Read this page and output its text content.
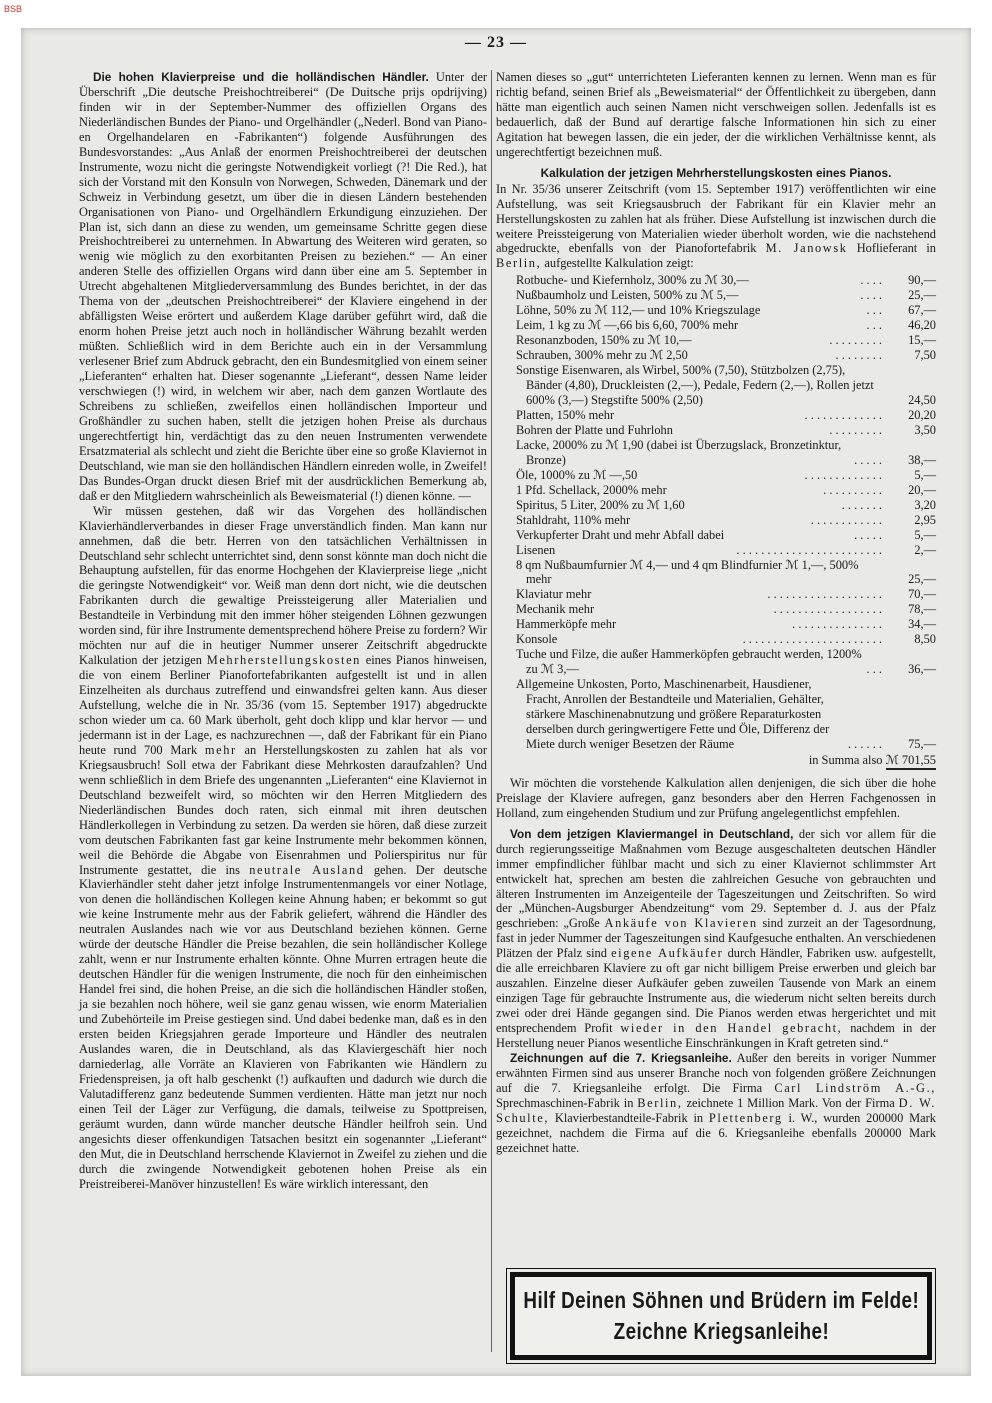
BSB
— 23 —

Die hohen Klavierpreise und die holländischen Händler. Unter der Überschrift „Die deutsche Preishochtreiberei“ (De Duitsche prijs opdrijving) finden wir in der September-Nummer des offiziellen Organs des Niederländischen Bundes der Piano- und Orgelhändler („Nederl. Bond van Piano- en Orgelhandelaren en -Fabrikanten“) folgende Ausführungen des Bundesvorstandes: „Aus Anlaß der enormen Preishochtreiberei der deutschen Instrumente, wozu nicht die geringste Notwendigkeit vorliegt (?! Die Red.), hat sich der Vorstand mit den Konsuln von Norwegen, Schweden, Dänemark und der Schweiz in Verbindung gesetzt, um über die in diesen Ländern bestehenden Organisationen von Piano- und Orgelhändlern Erkundigung einzuziehen. Der Plan ist, sich dann an diese zu wenden, um gemeinsame Schritte gegen diese Preishochtreiberei zu unternehmen. In Abwartung des Weiteren wird geraten, so wenig wie möglich zu den exorbitanten Preisen zu beziehen.“ — An einer anderen Stelle des offiziellen Organs wird dann über eine am 5. September in Utrecht abgehaltenen Mitgliederversammlung des Bundes berichtet, in der das Thema von der „deutschen Preishochtreiberei“ der Klaviere eingehend in der abfälligsten Weise erörtert und außerdem Klage darüber geführt wird, daß die enorm hohen Preise jetzt auch noch in holländischer Währung bezahlt werden müßten. Schließlich wird in dem Berichte auch ein in der Versammlung verlesener Brief zum Abdruck gebracht, den ein Bundesmitglied von einem seiner „Lieferanten“ erhalten hat. Dieser sogenannte „Lieferant“, dessen Name leider verschwiegen (!) wird, in welchem wir aber, nach dem ganzen Wortlaute des Schreibens zu schließen, zweifellos einen holländischen Importeur und Großhändler zu suchen haben, stellt die jetzigen hohen Preise als durchaus ungerechtfertigt hin, verdächtigt das zu den neuen Instrumenten verwendete Ersatzmaterial als schlecht und zieht die Berichte über eine so große Klaviernot in Deutschland, wie man sie den holländischen Händlern einreden wolle, in Zweifel! Das Bundes-Organ druckt diesen Brief mit der ausdrücklichen Bemerkung ab, daß er den Mitgliedern wahrscheinlich als Beweismaterial (!) dienen könne. —

Wir müssen gestehen, daß wir das Vorgehen des holländischen Klavierhändlerverbandes in dieser Frage unverständlich finden. Man kann nur annehmen, daß die betr. Herren von den tatsächlichen Verhältnissen in Deutschland sehr schlecht unterrichtet sind, denn sonst könnte man doch nicht die Behauptung aufstellen, für das enorme Hochgehen der Klavierpreise liege „nicht die geringste Notwendigkeit“ vor. Weiß man denn dort nicht, wie die deutschen Fabrikanten durch die gewaltige Preissteigerung aller Materialien und Bestandteile in Verbindung mit den immer höher steigenden Löhnen gezwungen worden sind, für ihre Instrumente dementsprechend höhere Preise zu fordern? Wir möchten nur auf die in heutiger Nummer unserer Zeitschrift abgedruckte Kalkulation der jetzigen Mehrherstellungskosten eines Pianos hinweisen, die von einem Berliner Pianofortefabrikanten aufgestellt ist und in allen Einzelheiten als durchaus zutreffend und einwandsfrei gelten kann. Aus dieser Aufstellung, welche die in Nr. 35/36 (vom 15. September 1917) abgedruckte schon wieder um ca. 60 Mark überholt, geht doch klipp und klar hervor — und jedermann ist in der Lage, es nachzurechnen —, daß der Fabrikant für ein Piano heute rund 700 Mark mehr an Herstellungskosten zu zahlen hat als vor Kriegsausbruch! Soll etwa der Fabrikant diese Mehrkosten daraufzahlen? Und wenn schließlich in dem Briefe des ungenannten „Lieferanten“ eine Klaviernot in Deutschland bezweifelt wird, so möchten wir den Herren Mitgliedern des Niederländischen Bundes doch raten, sich einmal mit ihren deutschen Händlerkollegen in Verbindung zu setzen. Da werden sie hören, daß diese zurzeit vom deutschen Fabrikanten fast gar keine Instrumente mehr bekommen können, weil die Behörde die Abgabe von Eisenrahmen und Polierspiritus nur für Instrumente gestattet, die ins neutrale Ausland gehen. Der deutsche Klavierhändler steht daher jetzt infolge Instrumentenmangels vor einer Notlage, von denen die holländischen Kollegen keine Ahnung haben; er bekommt so gut wie keine Instrumente mehr aus der Fabrik geliefert, während die Händler des neutralen Auslandes nach wie vor aus Deutschland beziehen können. Gerne würde der deutsche Händler die Preise bezahlen, die sein holländischer Kollege zahlt, wenn er nur Instrumente erhalten könnte. Ohne Murren ertragen heute die deutschen Händler für die wenigen Instrumente, die noch für den einheimischen Handel frei sind, die hohen Preise, an die sich die holländischen Händler stoßen, ja sie bezahlen noch höhere, weil sie ganz genau wissen, wie enorm Materialien und Zubehörteile im Preise gestiegen sind. Und dabei bedenke man, daß es in den ersten beiden Kriegsjahren gerade Importeure und Händler des neutralen Auslandes waren, die in Deutschland, als das Klaviergeschäft hier noch darniederlag, alle Vorräte an Klavieren von Fabrikanten wie Händlern zu Friedenspreisen, ja oft halb geschenkt (!) aufkauften und dadurch wie durch die Valutadifferenz ganz bedeutende Summen verdienten. Hätte man jetzt nur noch einen Teil der Läger zur Verfügung, die damals, teilweise zu Spottpreisen, geräumt wurden, dann würde mancher deutsche Händler heilfroh sein. Und angesichts dieser offenkundigen Tatsachen besitzt ein sogenannter „Lieferant“ den Mut, die in Deutschland herrschende Klaviernot in Zweifel zu ziehen und die durch die zwingende Notwendigkeit gebotenen hohen Preise als ein Preistreiberei-Manöver hinzustellen! Es wäre wirklich interessant, den

Namen dieses so „gut“ unterrichteten Lieferanten kennen zu lernen. Wenn man es für richtig befand, seinen Brief als „Beweismaterial“ der Öffentlichkeit zu übergeben, dann hätte man eigentlich auch seinen Namen nicht verschweigen sollen. Jedenfalls ist es bedauerlich, daß der Bund auf derartige falsche Informationen hin sich zu einer Agitation hat bewegen lassen, die ein jeder, der die wirklichen Verhältnisse kennt, als ungerechtfertigt bezeichnen muß.

Kalkulation der jetzigen Mehrherstellungskosten eines Pianos.

In Nr. 35/36 unserer Zeitschrift (vom 15. September 1917) veröffentlichten wir eine Aufstellung, was seit Kriegsausbruch der Fabrikant für ein Klavier mehr an Herstellungskosten zu zahlen hat als früher. Diese Aufstellung ist inzwischen durch die weitere Preissteigerung von Materialien wieder überholt worden, wie die nachstehend abgedruckte, ebenfalls von der Pianofortefabrik M. Janowsk Hoflieferant in Berlin, aufgestellte Kalkulation zeigt:

Rotbuche- und Kiefernholz, 300% zu ℳ 30,—	. . . .	90,—
Nußbaumholz und Leisten, 500% zu ℳ 5,—	. . . .	25,—
Löhne, 50% zu ℳ 112,— und 10% Kriegszulage	. . .	67,—
Leim, 1 kg zu ℳ —,66 bis 6,60, 700% mehr	. . .	46,20
Resonanzboden, 150% zu ℳ 10,—	. . . . . . . . .	15,—
Schrauben, 300% mehr zu ℳ 2,50	. . . . . . . .	7,50
Sonstige Eisenwaren, als Wirbel, 500% (7,50), Stützbolzen (2,75), Bänder (4,80), Druckleisten (2,—), Pedale, Federn (2,—), Rollen jetzt 600% (3,—) Stegstifte 500% (2,50)	24,50
Platten, 150% mehr	. . . . . . . . . . . . .	20,20
Bohren der Platte und Fuhrlohn	. . . . . . . . .	3,50
Lacke, 2000% zu ℳ 1,90 (dabei ist Überzugslack, Bronzetinktur, Bronze)	. . . . .	38,—
Öle, 1000% zu ℳ —,50	. . . . . . . . . . . . .	5,—
1 Pfd. Schellack, 2000% mehr	. . . . . . . . . .	20,—
Spiritus, 5 Liter, 200% zu ℳ 1,60	. . . . . . .	3,20
Stahldraht, 110% mehr	. . . . . . . . . . . .	2,95
Verkupferter Draht und mehr Abfall dabei	. . . . .	5,—
Lisenen	. . . . . . . . . . . . . . . . . . . . . . . .	2,—
8 qm Nußbaumfurnier ℳ 4,— und 4 qm Blindfurnier ℳ 1,—, 500% mehr	25,—
Klaviatur mehr	. . . . . . . . . . . . . . . . . . .	70,—
Mechanik mehr	. . . . . . . . . . . . . . . . . .	78,—
Hammerköpfe mehr	. . . . . . . . . . . . . . .	34,—
Konsole	. . . . . . . . . . . . . . . . . . . . . . .	8,50
Tuche und Filze, die außer Hammerköpfen gebraucht werden, 1200% zu ℳ 3,—	. . .	36,—
Allgemeine Unkosten, Porto, Maschinenarbeit, Hausdiener, Fracht, Anrollen der Bestandteile und Materialien, Gehälter, stärkere Maschinenabnutzung und größere Reparaturkosten derselben durch geringwertigere Fette und Öle, Differenz der Miete durch weniger Besetzen der Räume	. . . . . .	75,—
in Summa also
ℳ 701,55

Wir möchten die vorstehende Kalkulation allen denjenigen, die sich über die hohe Preislage der Klaviere aufregen, ganz besonders aber den Herren Fachgenossen in Holland, zum eingehenden Studium und zur Prüfung angelegentlichst empfehlen.

Von dem jetzigen Klaviermangel in Deutschland, der sich vor allem für die durch regierungsseitige Maßnahmen vom Bezuge ausgeschalteten deutschen Händler immer empfindlicher fühlbar macht und sich zu einer Klaviernot schlimmster Art entwickelt hat, sprechen am besten die zahlreichen Gesuche von gebrauchten und älteren Instrumenten im Anzeigenteile der Tageszeitungen und Zeitschriften. So wird der „München-Augsburger Abendzeitung“ vom 29. September d. J. aus der Pfalz geschrieben: „Große Ankäufe von Klavieren sind zurzeit an der Tagesordnung, fast in jeder Nummer der Tageszeitungen sind Kaufgesuche enthalten. An verschiedenen Plätzen der Pfalz sind eigene Aufkäufer durch Händler, Fabriken usw. aufgestellt, die alle erreichbaren Klaviere zu oft gar nicht billigem Preise erwerben und gleich bar auszahlen. Einzelne dieser Aufkäufer geben zuweilen Tausende von Mark an einem einzigen Tage für gebrauchte Instrumente aus, die wiederum nicht selten bereits durch zwei oder drei Hände gegangen sind. Die Pianos werden etwas hergerichtet und mit entsprechendem Profit wieder in den Handel gebracht, nachdem in der Herstellung neuer Pianos wesentliche Einschränkungen in Kraft getreten sind.“

Zeichnungen auf die 7. Kriegsanleihe. Außer den bereits in voriger Nummer erwähnten Firmen sind aus unserer Branche noch von folgenden größere Zeichnungen auf die 7. Kriegsanleihe erfolgt. Die Firma Carl Lindström A.-G., Sprechmaschinen-Fabrik in Berlin, zeichnete 1 Million Mark. Von der Firma D. W. Schulte, Klavierbestandteile-Fabrik in Plettenberg i. W., wurden 200000 Mark gezeichnet, nachdem die Firma auf die 6. Kriegsanleihe ebenfalls 200000 Mark gezeichnet hatte.

Hilf Deinen Söhnen und Brüdern im Felde!
Zeichne Kriegsanleihe!
